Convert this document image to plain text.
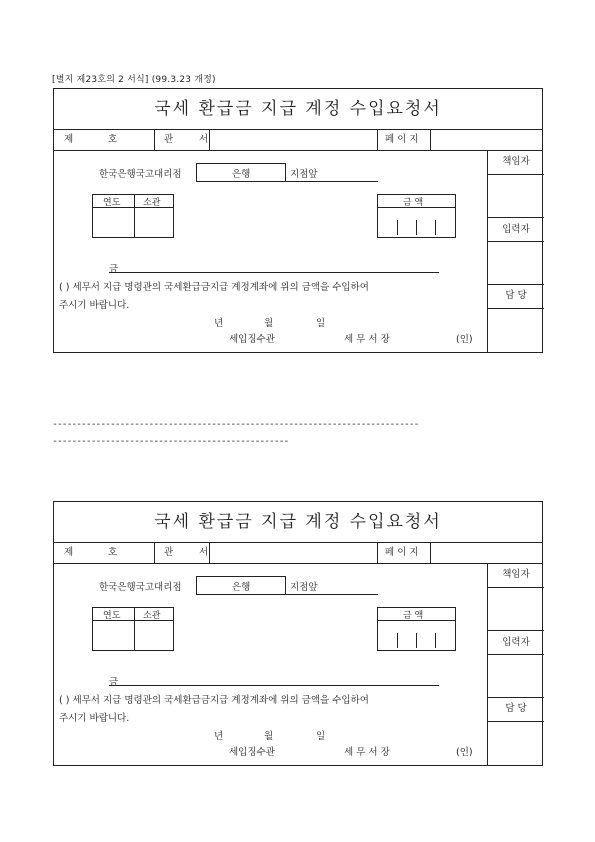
[별지 제23호의 2 서식] (99.3.23 개정)
국세 환급금 지급 계정 수입요청서
제	호	관	서	페 이 지
책임자
입력자
담 당
한국은행국고대리점	은행	지점앞
연도	소관	금 액
금
( ) 세무서 지급 명령관의 국세환급금지급 계정계좌에 위의 금액을 수입하여
주시기 바랍니다.
년	월	일
세입징수관	세 무 서 장	(인)
----------------------------------------------------------------------------
-------------------------------------------------
국세 환급금 지급 계정 수입요청서
제	호	관	서	페 이 지
책임자
입력자
담 당
한국은행국고대리점	은행	지점앞
연도	소관	금 액
금
( ) 세무서 지급 명령관의 국세환급금지급 계정계좌에 위의 금액을 수입하여
주시기 바랍니다.
년	월	일
세입징수관	세 무 서 장	(인)
